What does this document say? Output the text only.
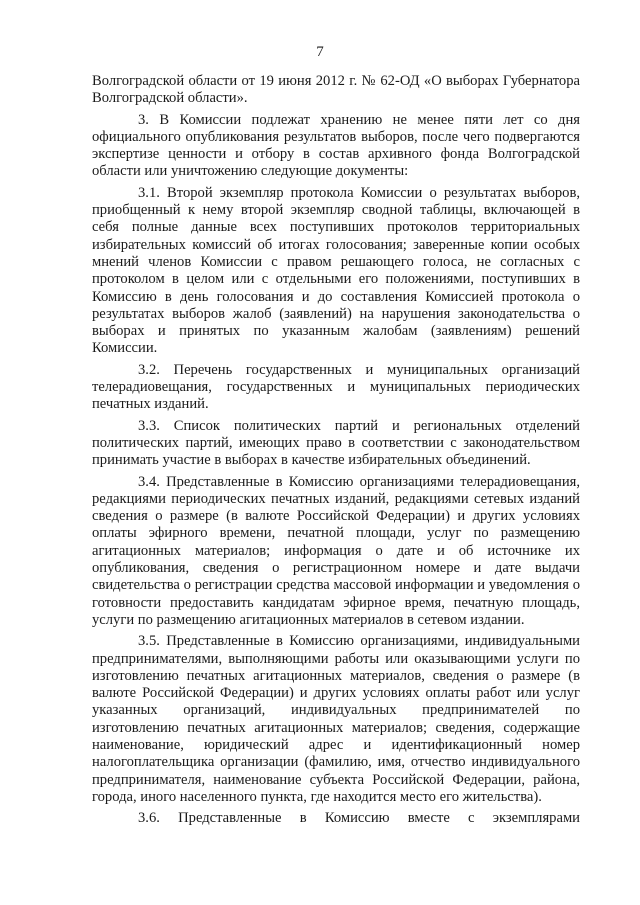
7

Волгоградской области от 19 июня 2012 г. № 62-ОД «О выборах Губернатора Волгоградской области».

3. В Комиссии подлежат хранению не менее пяти лет со дня официального опубликования результатов выборов, после чего подвергаются экспертизе ценности и отбору в состав архивного фонда Волгоградской области или уничтожению следующие документы:

3.1. Второй экземпляр протокола Комиссии о результатах выборов, приобщенный к нему второй экземпляр сводной таблицы, включающей в себя полные данные всех поступивших протоколов территориальных избирательных комиссий об итогах голосования; заверенные копии особых мнений членов Комиссии с правом решающего голоса, не согласных с протоколом в целом или с отдельными его положениями, поступивших в Комиссию в день голосования и до составления Комиссией протокола о результатах выборов жалоб (заявлений) на нарушения законодательства о выборах и принятых по указанным жалобам (заявлениям) решений Комиссии.

3.2. Перечень государственных и муниципальных организаций телерадиовещания, государственных и муниципальных периодических печатных изданий.

3.3. Список политических партий и региональных отделений политических партий, имеющих право в соответствии с законодательством принимать участие в выборах в качестве избирательных объединений.

3.4. Представленные в Комиссию организациями телерадиовещания, редакциями периодических печатных изданий, редакциями сетевых изданий сведения о размере (в валюте Российской Федерации) и других условиях оплаты эфирного времени, печатной площади, услуг по размещению агитационных материалов; информация о дате и об источнике их опубликования, сведения о регистрационном номере и дате выдачи свидетельства о регистрации средства массовой информации и уведомления о готовности предоставить кандидатам эфирное время, печатную площадь, услуги по размещению агитационных материалов в сетевом издании.

3.5. Представленные в Комиссию организациями, индивидуальными предпринимателями, выполняющими работы или оказывающими услуги по изготовлению печатных агитационных материалов, сведения о размере (в валюте Российской Федерации) и других условиях оплаты работ или услуг указанных организаций, индивидуальных предпринимателей по изготовлению печатных агитационных материалов; сведения, содержащие наименование, юридический адрес и идентификационный номер налогоплательщика организации (фамилию, имя, отчество индивидуального предпринимателя, наименование субъекта Российской Федерации, района, города, иного населенного пункта, где находится место его жительства).

3.6. Представленные в Комиссию вместе с экземплярами
